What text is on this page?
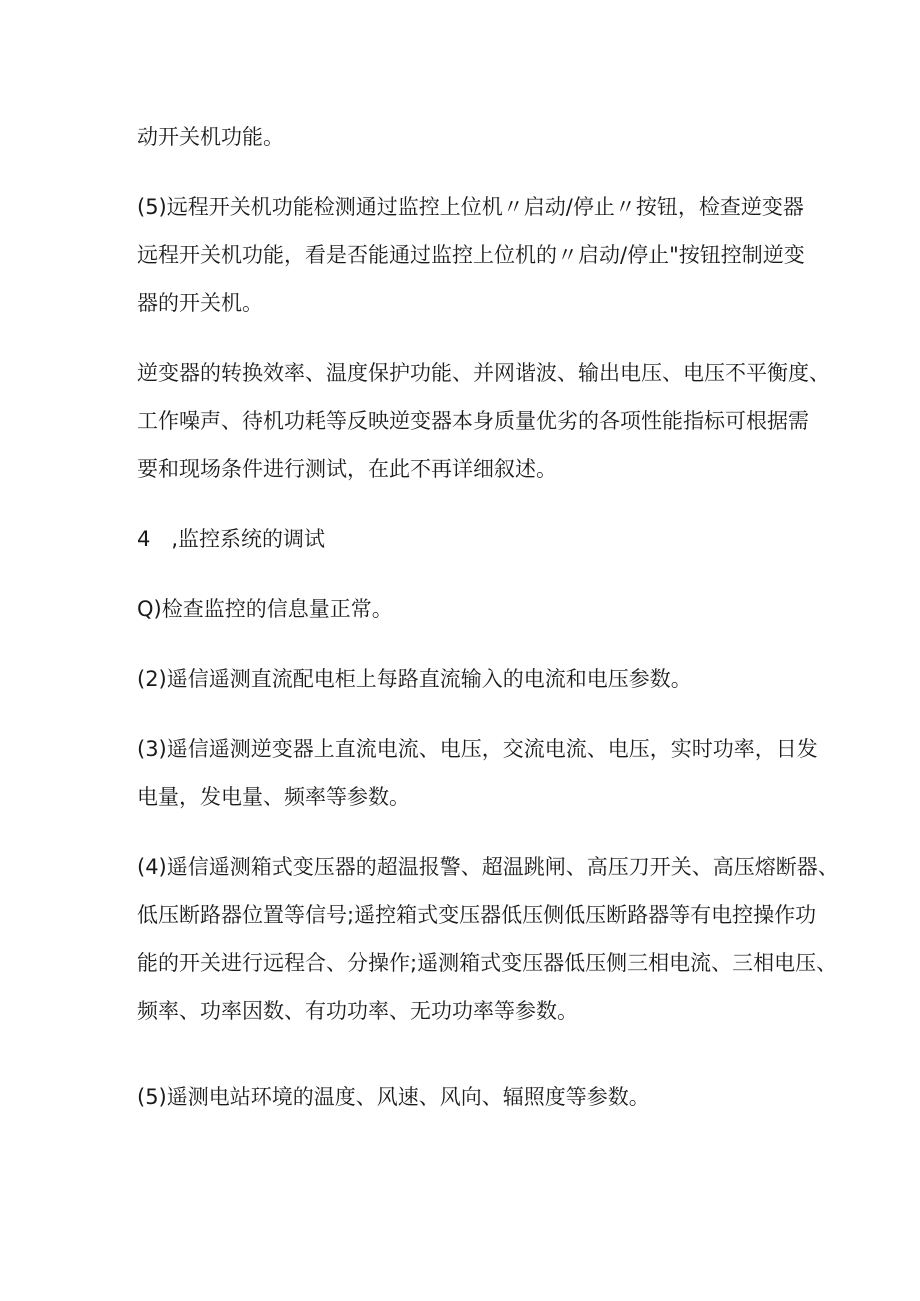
动开关机功能。
(5)远程开关机功能检测通过监控上位机〃启动/停止〃按钮，检查逆变器
远程开关机功能，看是否能通过监控上位机的〃启动/停止"按钮控制逆变
器的开关机。
逆变器的转换效率、温度保护功能、并网谐波、输出电压、电压不平衡度、
工作噪声、待机功耗等反映逆变器本身质量优劣的各项性能指标可根据需
要和现场条件进行测试，在此不再详细叙述。
4　,监控系统的调试
Q)检查监控的信息量正常。
(2)遥信遥测直流配电柜上每路直流输入的电流和电压参数。
(3)遥信遥测逆变器上直流电流、电压，交流电流、电压，实时功率，日发
电量，发电量、频率等参数。
(4)遥信遥测箱式变压器的超温报警、超温跳闸、高压刀开关、高压熔断器、
低压断路器位置等信号;遥控箱式变压器低压侧低压断路器等有电控操作功
能的开关进行远程合、分操作;遥测箱式变压器低压侧三相电流、三相电压、
频率、功率因数、有功功率、无功功率等参数。
(5)遥测电站环境的温度、风速、风向、辐照度等参数。
